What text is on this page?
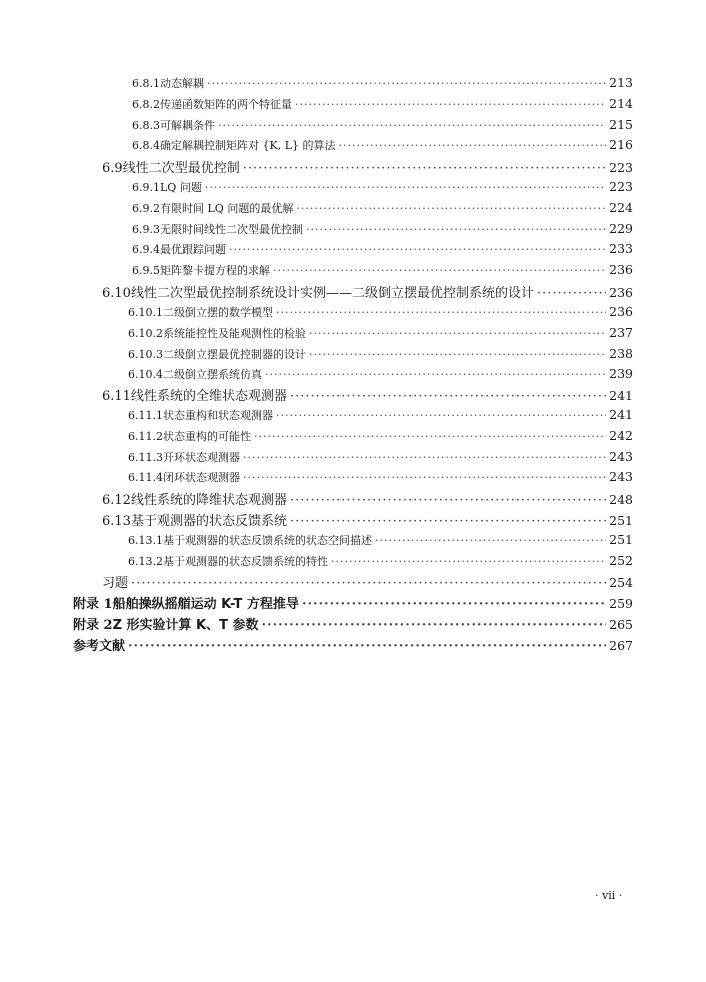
6.8.1 动态解耦 ·····	213
6.8.2 传递函数矩阵的两个特征量 ·····	214
6.8.3 可解耦条件 ·····	215
6.8.4 确定解耦控制矩阵对 {K, L} 的算法 ·····	216
6.9 线性二次型最优控制 ·····	223
6.9.1 LQ 问题 ·····	223
6.9.2 有限时间 LQ 问题的最优解 ·····	224
6.9.3 无限时间线性二次型最优控制 ·····	229
6.9.4 最优跟踪问题 ·····	233
6.9.5 矩阵黎卡提方程的求解 ·····	236
6.10 线性二次型最优控制系统设计实例——二级倒立摆最优控制系统的设计 ·····	236
6.10.1 二级倒立摆的数学模型 ·····	236
6.10.2 系统能控性及能观测性的检验 ·····	237
6.10.3 二级倒立摆最优控制器的设计 ·····	238
6.10.4 二级倒立摆系统仿真 ·····	239
6.11 线性系统的全维状态观测器 ·····	241
6.11.1 状态重构和状态观测器 ·····	241
6.11.2 状态重构的可能性 ·····	242
6.11.3 开环状态观测器 ·····	243
6.11.4 闭环状态观测器 ·····	243
6.12 线性系统的降维状态观测器 ·····	248
6.13 基于观测器的状态反馈系统 ·····	251
6.13.1 基于观测器的状态反馈系统的状态空间描述 ·····	251
6.13.2 基于观测器的状态反馈系统的特性 ·····	252
习题 ·····	254
附录 1 船舶操纵摇艏运动 K-T 方程推导 ·····	259
附录 2 Z 形实验计算 K、T 参数 ·····	265
参考文献 ·····	267
· vii ·
